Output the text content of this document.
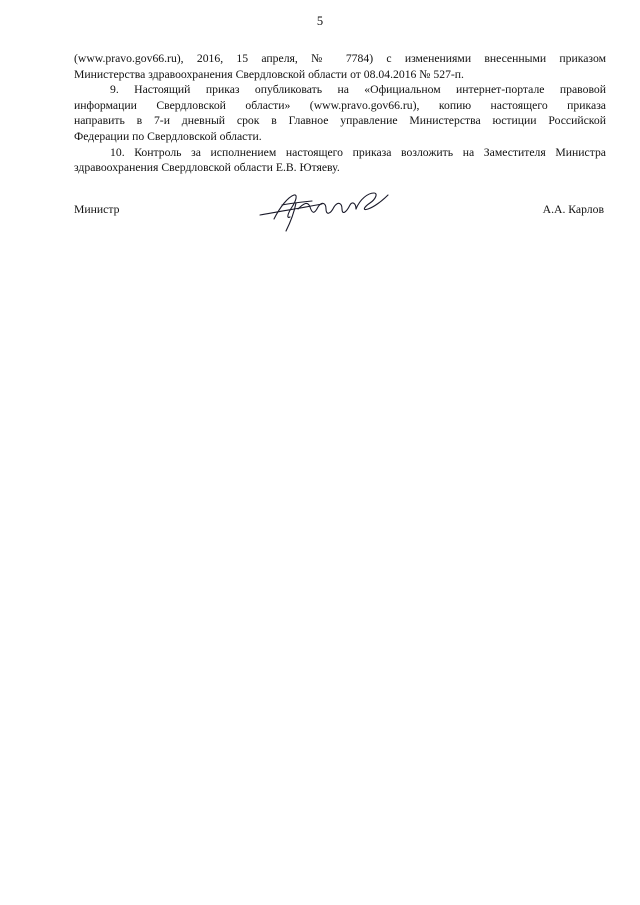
5

(www.pravo.gov66.ru), 2016, 15 апреля, № 7784) с изменениями внесенными приказом
Министерства здравоохранения Свердловской области от 08.04.2016 № 527-п.

9. Настоящий приказ опубликовать на «Официальном интернет-портале правовой
информации Свердловской области» (www.pravo.gov66.ru), копию настоящего приказа
направить в 7-и дневный срок в Главное управление Министерства юстиции Российской
Федерации по Свердловской области.

10. Контроль за исполнением настоящего приказа возложить на Заместителя Министра
здравоохранения Свердловской области Е.В. Ютяеву.

Министр	А.А. Карлов
